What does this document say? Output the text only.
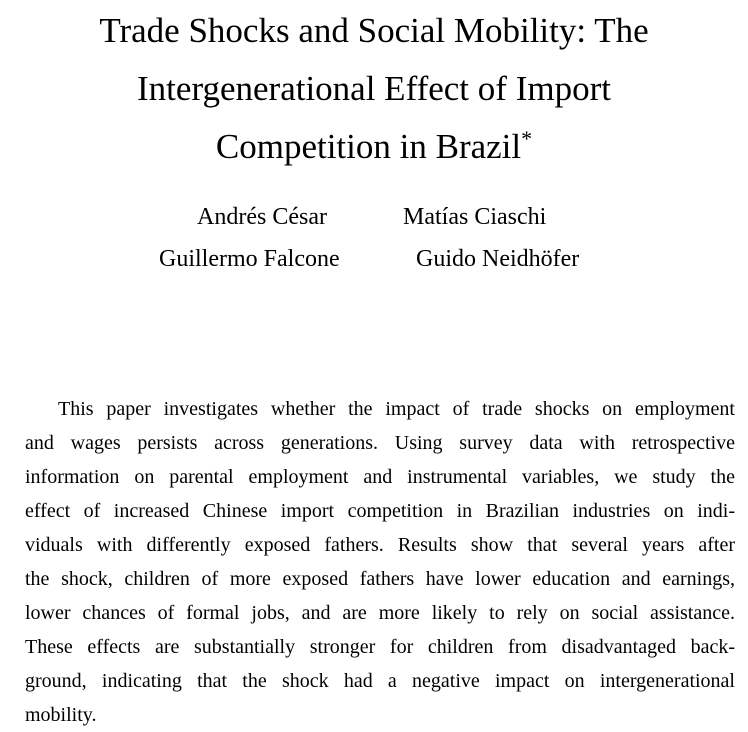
Trade Shocks and Social Mobility: The
Intergenerational Effect of Import
Competition in Brazil*
Andrés César	Matías Ciaschi
Guillermo Falcone	Guido Neidhöfer
This paper investigates whether the impact of trade shocks on employment
and wages persists across generations. Using survey data with retrospective
information on parental employment and instrumental variables, we study the
effect of increased Chinese import competition in Brazilian industries on indi-
viduals with differently exposed fathers. Results show that several years after
the shock, children of more exposed fathers have lower education and earnings,
lower chances of formal jobs, and are more likely to rely on social assistance.
These effects are substantially stronger for children from disadvantaged back-
ground, indicating that the shock had a negative impact on intergenerational
mobility.
